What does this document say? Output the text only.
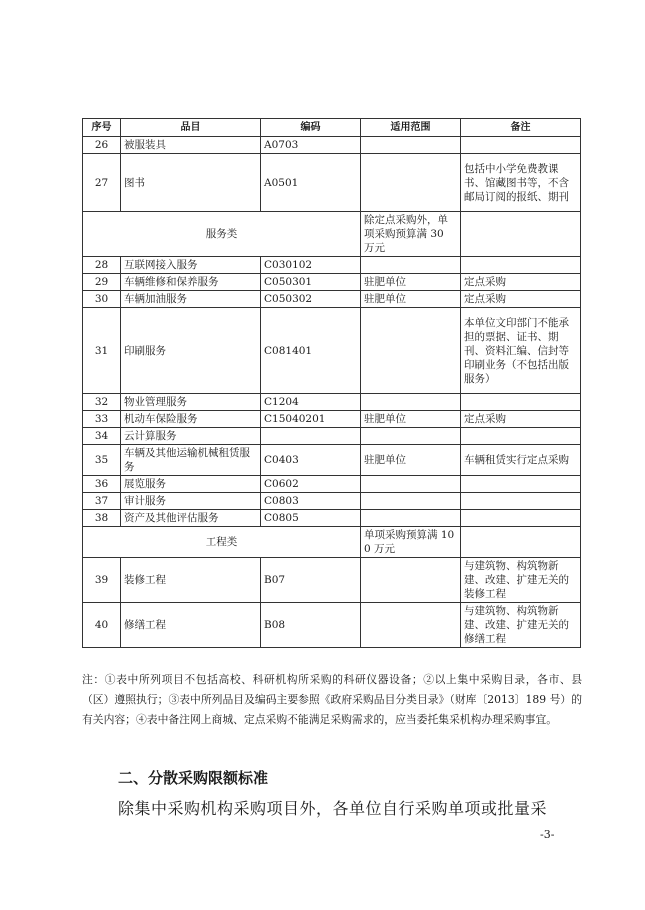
序号	品目	编码	适用范围	备注
26	被服装具	A0703		
27	图书	A0501		包括中小学免费教课书、馆藏图书等，不含邮局订阅的报纸、期刊
服务类			除定点采购外，单项采购预算满 30 万元	
28	互联网接入服务	C030102		
29	车辆维修和保养服务	C050301	驻肥单位	定点采购
30	车辆加油服务	C050302	驻肥单位	定点采购
31	印刷服务	C081401		本单位文印部门不能承担的票据、证书、期刊、资料汇编、信封等印刷业务（不包括出版服务）
32	物业管理服务	C1204		
33	机动车保险服务	C15040201	驻肥单位	定点采购
34	云计算服务			
35	车辆及其他运输机械租赁服务	C0403	驻肥单位	车辆租赁实行定点采购
36	展览服务	C0602		
37	审计服务	C0803		
38	资产及其他评估服务	C0805		
工程类			单项采购预算满 100 万元	
39	装修工程	B07		与建筑物、构筑物新建、改建、扩建无关的装修工程
40	修缮工程	B08		与建筑物、构筑物新建、改建、扩建无关的修缮工程
注：①表中所列项目不包括高校、科研机构所采购的科研仪器设备；②以上集中采购目录，各市、县（区）遵照执行；③表中所列品目及编码主要参照《政府采购品目分类目录》（财库〔2013〕189 号）的有关内容；④表中备注网上商城、定点采购不能满足采购需求的，应当委托集采机构办理采购事宜。
二、分散采购限额标准
除集中采购机构采购项目外，各单位自行采购单项或批量采
-3-
